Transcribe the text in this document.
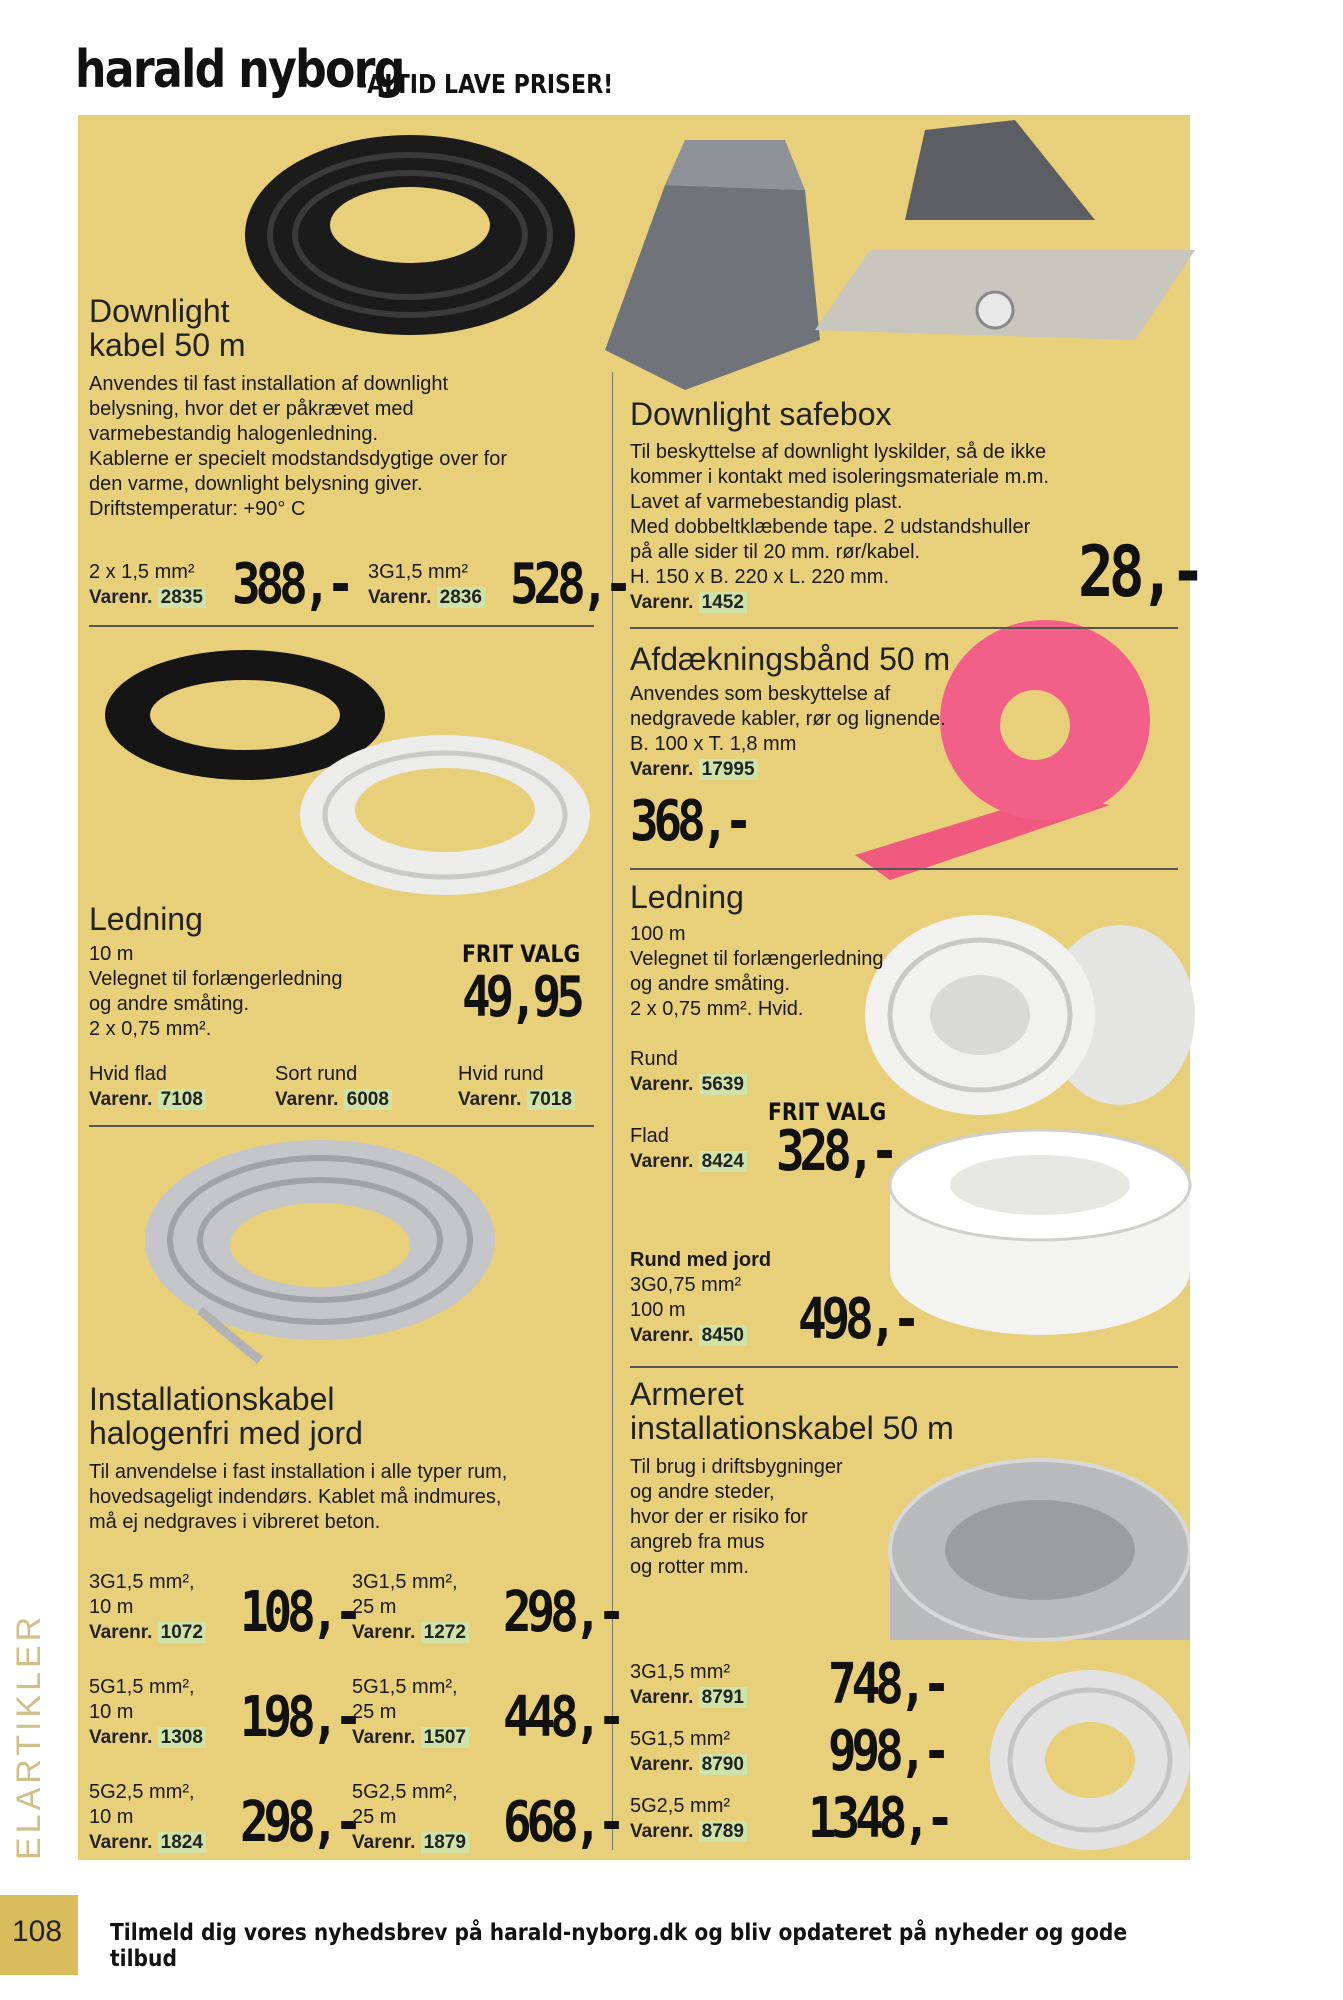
harald nyborg
-ALTID LAVE PRISER!
Downlight
kabel 50 m
Anvendes til fast installation af downlight
belysning, hvor det er påkrævet med
varmebestandig halogenledning.
Kablerne er specielt modstandsdygtige over for
den varme, downlight belysning giver.
Driftstemperatur: +90° C
2 x 1,5 mm²
Varenr. 2835 388,- 3G1,5 mm²
Varenr. 2836 528,-
Downlight safebox
Til beskyttelse af downlight lyskilder, så de ikke
kommer i kontakt med isoleringsmateriale m.m.
Lavet af varmebestandig plast.
Med dobbeltklæbende tape. 2 udstandshuller
på alle sider til 20 mm. rør/kabel.
H. 150 x B. 220 x L. 220 mm.
Varenr. 1452	28,-
Afdækningsbånd 50 m
Anvendes som beskyttelse af
nedgravede kabler, rør og lignende.
B. 100 x T. 1,8 mm
Varenr. 17995
368,-
Ledning
10 m
Velegnet til forlængerledning
og andre småting.
2 x 0,75 mm².
FRIT VALG
49,95
Hvid flad
Varenr. 7108
Sort rund
Varenr. 6008
Hvid rund
Varenr. 7018
Ledning
100 m
Velegnet til forlængerledning
og andre småting.
2 x 0,75 mm². Hvid.
Rund
Varenr. 5639
FRIT VALG
Flad
Varenr. 8424 328,-
Rund med jord
3G0,75 mm²
100 m
Varenr. 8450 498,-
Installationskabel
halogenfri med jord
Til anvendelse i fast installation i alle typer rum,
hovedsageligt indendørs. Kablet må indmures,
må ej nedgraves i vibreret beton.
3G1,5 mm²,
10 m
Varenr. 1072 108,-
3G1,5 mm²,
25 m
Varenr. 1272 298,-
5G1,5 mm²,
10 m
Varenr. 1308 198,-
5G1,5 mm²,
25 m
Varenr. 1507 448,-
5G2,5 mm²,
10 m
Varenr. 1824 298,-
5G2,5 mm²,
25 m
Varenr. 1879 668,-
Armeret
installationskabel 50 m
Til brug i driftsbygninger
og andre steder,
hvor der er risiko for
angreb fra mus
og rotter mm.
3G1,5 mm²
Varenr. 8791 748,-
5G1,5 mm²
Varenr. 8790 998,-
5G2,5 mm²
Varenr. 8789 1348,-
ELARTIKLER
108 Tilmeld dig vores nyhedsbrev på harald-nyborg.dk og bliv opdateret på nyheder og gode tilbud
